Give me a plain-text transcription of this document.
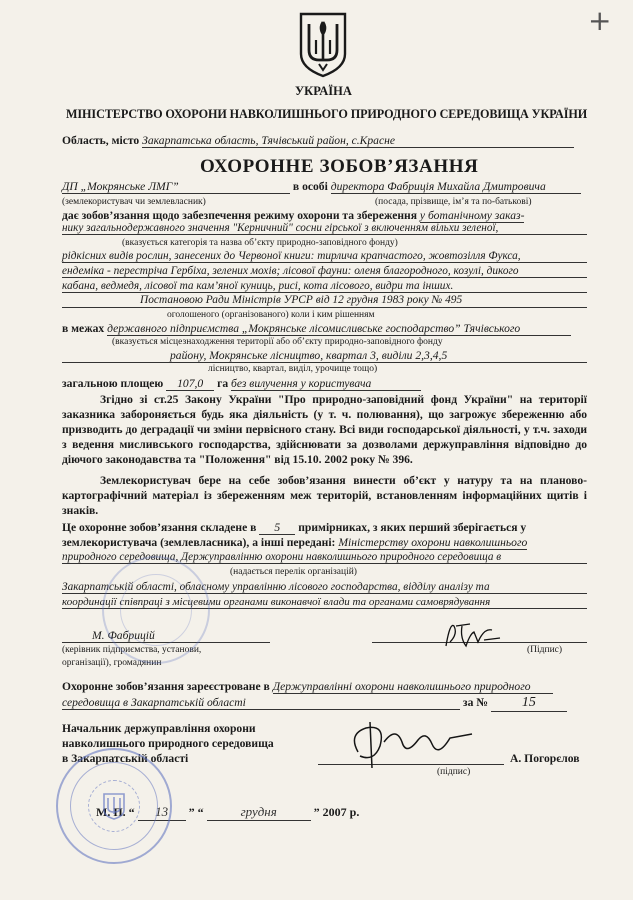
+
УКРАЇНА
МІНІСТЕРСТВО ОХОРОНИ НАВКОЛИШНЬОГО ПРИРОДНОГО СЕРЕДОВИЩА УКРАЇНИ
Область, місто Закарпатська область, Тячівський район, с.Красне
ОХОРОННЕ ЗОБОВ’ЯЗАННЯ
ДП „Мокрянське ЛМГ”	в особі директора Фабриція Михайла Дмитровича
(землекористувач чи землевласник)	(посада, прізвище, ім’я та по-батькові)
дає зобов’язання щодо забезпечення режиму охорони та збереження у ботанічному заказ-
нику загальнодержавного значення "Керничний" сосни гірської з включенням вільхи зеленої,
(вказується категорія та назва об’єкту природно-заповідного фонду)
рідкісних видів рослин, занесених до Червоної книги: тирлича крапчастого, жовтозілля Фукса,
ендеміка - перестріча Гербіха, зелених мохів; лісової фауни: оленя благородного, козулі, дикого
кабана, ведмедя, лісової та кам’яної куниць, рисі, кота лісового, видри та інших.
Постановою Ради Міністрів УРСР від 12 грудня 1983 року № 495
оголошеного (організованого) коли і ким рішенням
в межах державного підприємства „Мокрянське лісомисливське господарство” Тячівського
(вказується місцезнаходження території або об’єкту природно-заповідного фонду
району, Мокрянське лісництво, квартал 3, виділи 2,3,4,5
лісництво, квартал, виділ, урочище тощо)
загальною площею 107,0 га без вилучення у користувача
Згідно зі ст.25 Закону України "Про природно-заповідний фонд України" на території заказника забороняється будь яка діяльність (у т. ч. полювання), що загрожує збереженню або призводить до деградації чи зміни первісного стану. Всі види господарської діяльності, у т.ч. заходи з ведення мисливського господарства, здійснювати за дозволами держуправління відповідно до діючого законодавства та "Положення" від 15.10. 2002 року № 396.
Землекористувач бере на себе зобов’язання винести об’єкт у натуру та на планово-картографічний матеріал із збереженням меж територій, встановленням інформаційних щитів і знаків.
Це охоронне зобов’язання складене в 5 примірниках, з яких перший зберігається у
землекористувача (землевласника), а інші передані: Міністерству охорони навколишнього
природного середовища, Держуправлінню охорони навколишнього природного середовища в
(надається перелік організацій)
Закарпатській області, обласному управлінню лісового господарства, відділу аналізу та
координації співпраці з місцевими органами виконавчої влади та органами самоврядування
М. Фабрицій
(керівник підприємства, установи,
організації), громадянин
(Підпис)
Охоронне зобов’язання зареєстроване в Держуправлінні охорони навколишнього природного
середовища в Закарпатській області	за № 15
Начальник держуправління охорони
навколишнього природного середовища
в Закарпатській області	А. Погорєлов
(підпис)
М. П. “ 13 ” “	грудня	” 2007 р.
